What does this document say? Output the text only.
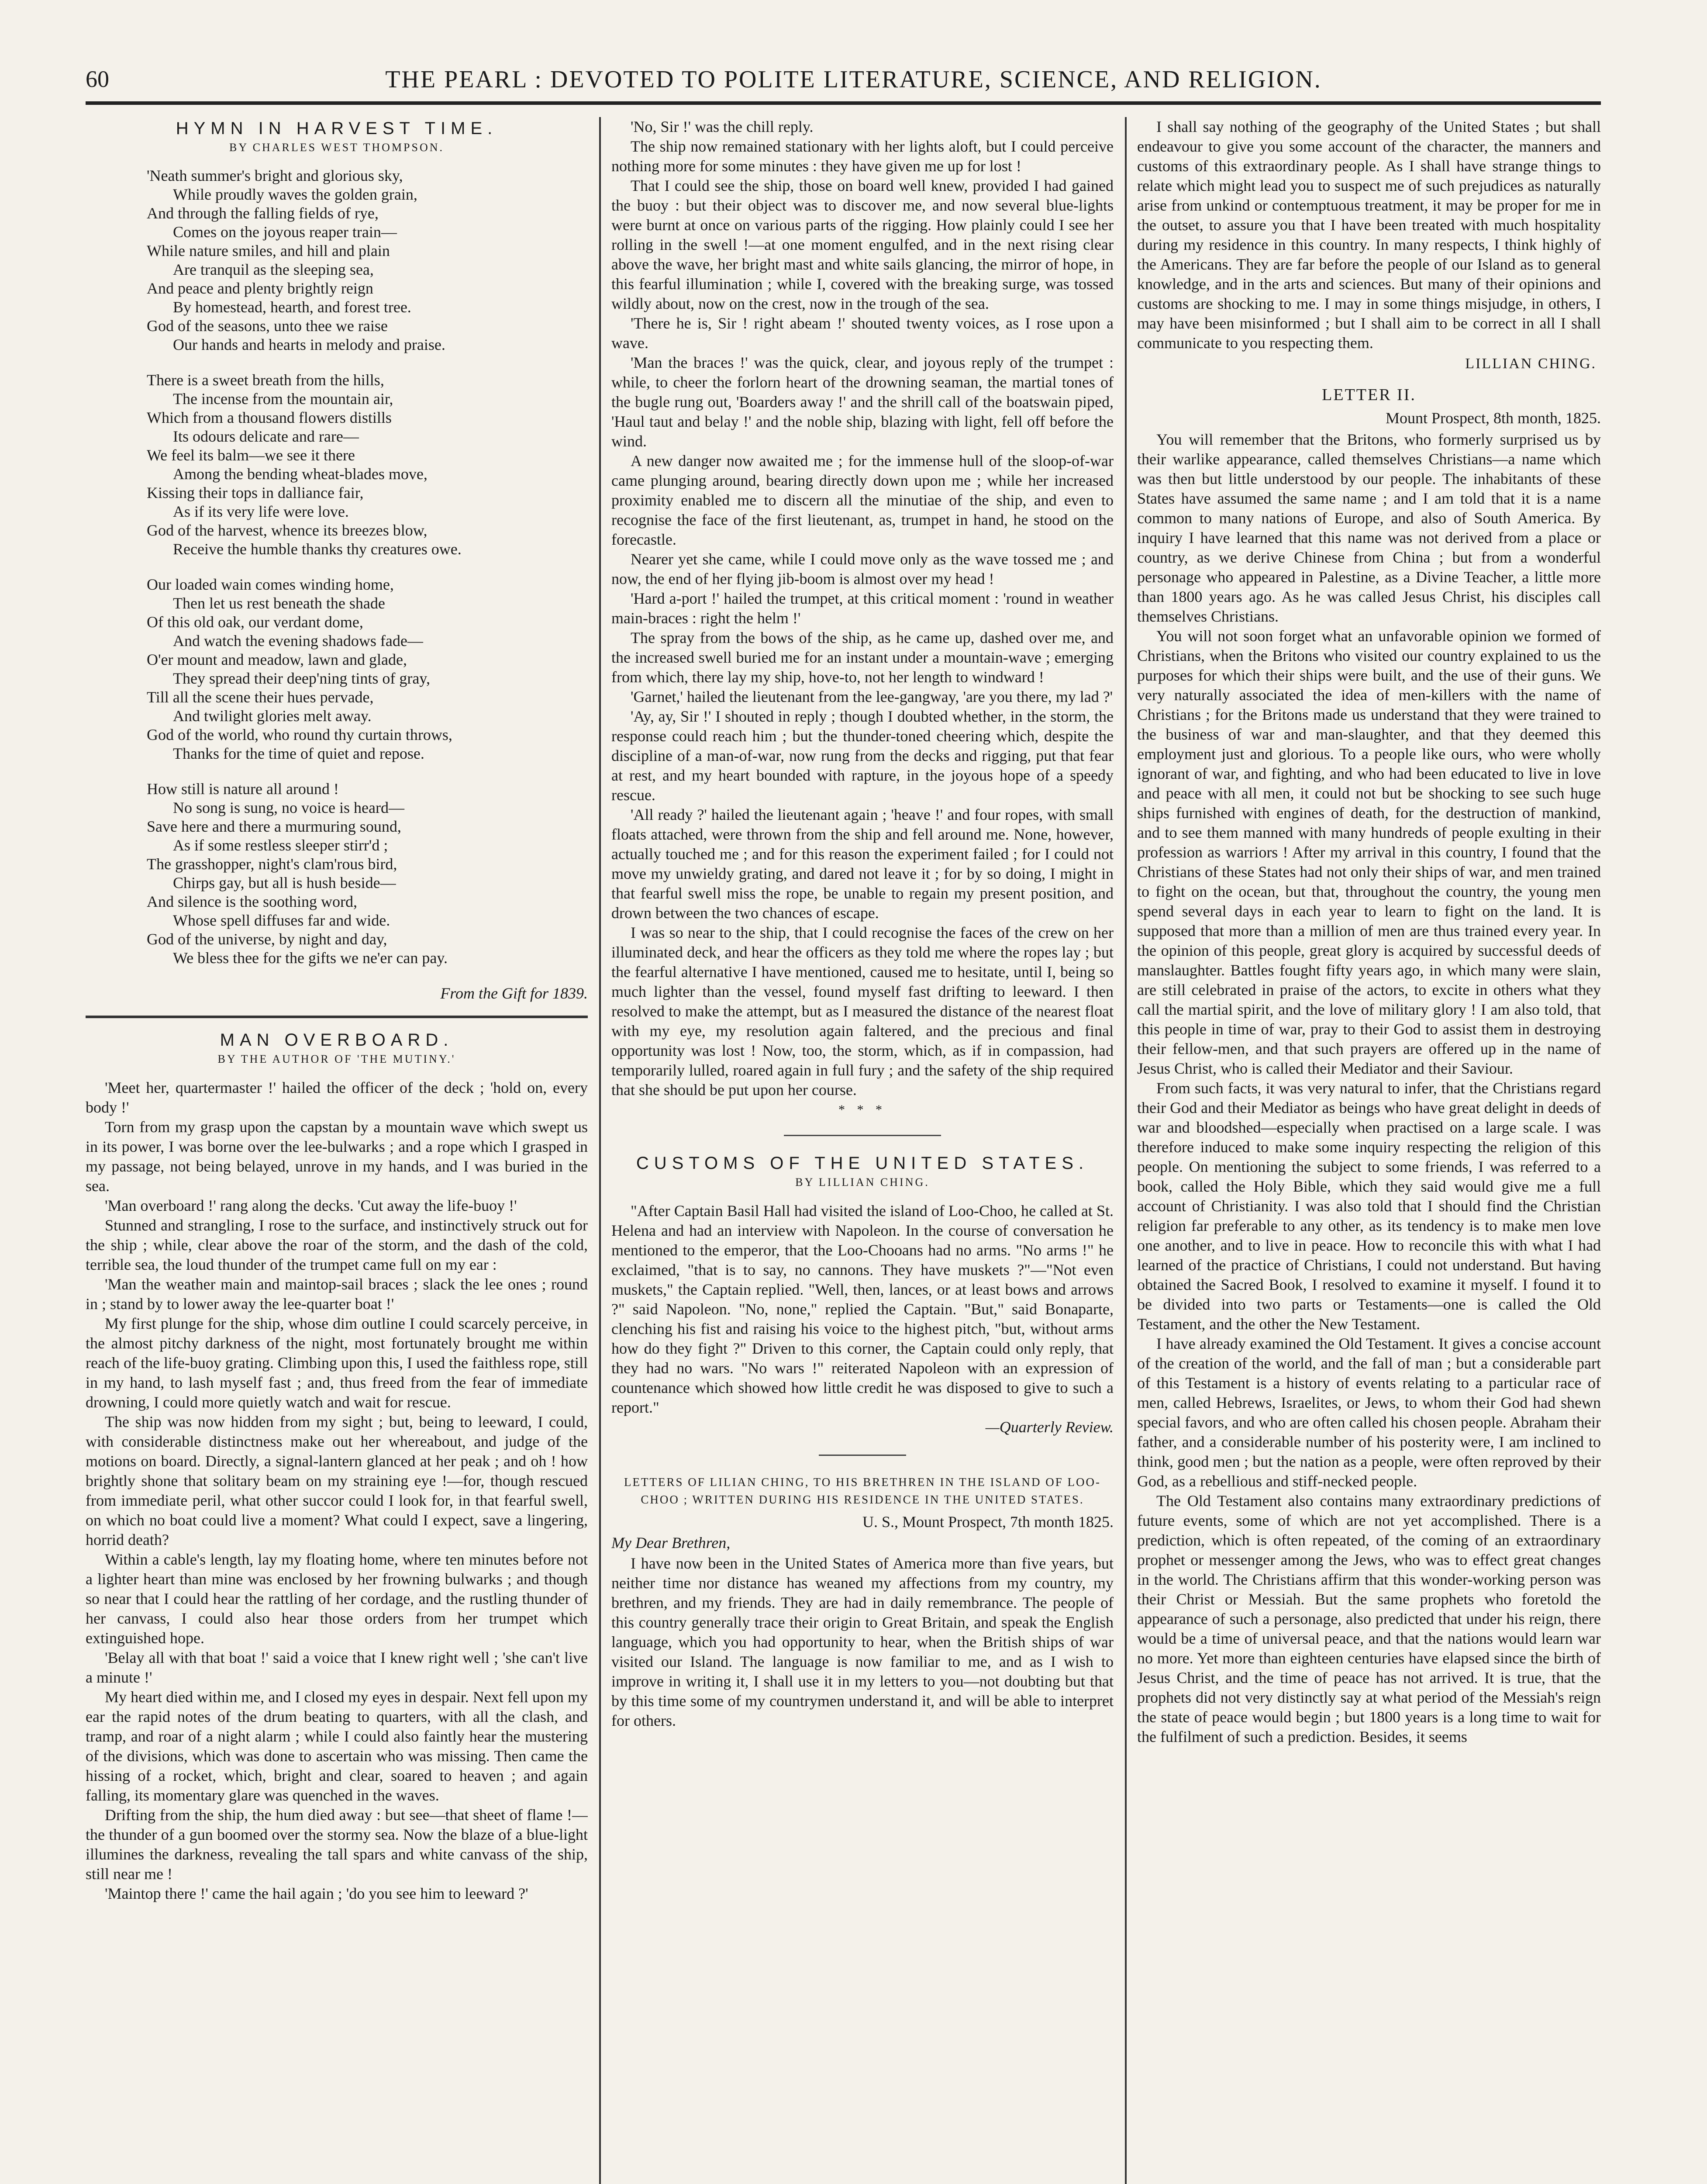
60	THE PEARL : DEVOTED TO POLITE LITERATURE, SCIENCE, AND RELIGION.
HYMN IN HARVEST TIME.
BY CHARLES WEST THOMPSON.

'Neath summer's bright and glorious sky,

While proudly waves the golden grain,

And through the falling fields of rye,

Comes on the joyous reaper train—

While nature smiles, and hill and plain

Are tranquil as the sleeping sea,

And peace and plenty brightly reign

By homestead, hearth, and forest tree.

God of the seasons, unto thee we raise

Our hands and hearts in melody and praise.

There is a sweet breath from the hills,

The incense from the mountain air,

Which from a thousand flowers distills

Its odours delicate and rare—

We feel its balm—we see it there

Among the bending wheat-blades move,

Kissing their tops in dalliance fair,

As if its very life were love.

God of the harvest, whence its breezes blow,

Receive the humble thanks thy creatures owe.

Our loaded wain comes winding home,

Then let us rest beneath the shade

Of this old oak, our verdant dome,

And watch the evening shadows fade—

O'er mount and meadow, lawn and glade,

They spread their deep'ning tints of gray,

Till all the scene their hues pervade,

And twilight glories melt away.

God of the world, who round thy curtain throws,

Thanks for the time of quiet and repose.

How still is nature all around !

No song is sung, no voice is heard—

Save here and there a murmuring sound,

As if some restless sleeper stirr'd ;

The grasshopper, night's clam'rous bird,

Chirps gay, but all is hush beside—

And silence is the soothing word,

Whose spell diffuses far and wide.

God of the universe, by night and day,

We bless thee for the gifts we ne'er can pay.

From the Gift for 1839.
MAN OVERBOARD.
BY THE AUTHOR OF 'THE MUTINY.'

'Meet her, quartermaster !' hailed the officer of the deck ; 'hold on, every body !'

Torn from my grasp upon the capstan by a mountain wave which swept us in its power, I was borne over the lee-bulwarks ; and a rope which I grasped in my passage, not being belayed, unrove in my hands, and I was buried in the sea.

'Man overboard !' rang along the decks. 'Cut away the life-buoy !'

Stunned and strangling, I rose to the surface, and instinctively struck out for the ship ; while, clear above the roar of the storm, and the dash of the cold, terrible sea, the loud thunder of the trumpet came full on my ear :

'Man the weather main and maintop-sail braces ; slack the lee ones ; round in ; stand by to lower away the lee-quarter boat !'

My first plunge for the ship, whose dim outline I could scarcely perceive, in the almost pitchy darkness of the night, most fortunately brought me within reach of the life-buoy grating. Climbing upon this, I used the faithless rope, still in my hand, to lash myself fast ; and, thus freed from the fear of immediate drowning, I could more quietly watch and wait for rescue.

The ship was now hidden from my sight ; but, being to leeward, I could, with considerable distinctness make out her whereabout, and judge of the motions on board. Directly, a signal-lantern glanced at her peak ; and oh ! how brightly shone that solitary beam on my straining eye !—for, though rescued from immediate peril, what other succor could I look for, in that fearful swell, on which no boat could live a moment? What could I expect, save a lingering, horrid death?

Within a cable's length, lay my floating home, where ten minutes before not a lighter heart than mine was enclosed by her frowning bulwarks ; and though so near that I could hear the rattling of her cordage, and the rustling thunder of her canvass, I could also hear those orders from her trumpet which extinguished hope.

'Belay all with that boat !' said a voice that I knew right well ; 'she can't live a minute !'

My heart died within me, and I closed my eyes in despair. Next fell upon my ear the rapid notes of the drum beating to quarters, with all the clash, and tramp, and roar of a night alarm ; while I could also faintly hear the mustering of the divisions, which was done to ascertain who was missing. Then came the hissing of a rocket, which, bright and clear, soared to heaven ; and again falling, its momentary glare was quenched in the waves.

Drifting from the ship, the hum died away : but see—that sheet of flame !—the thunder of a gun boomed over the stormy sea. Now the blaze of a blue-light illumines the darkness, revealing the tall spars and white canvass of the ship, still near me !

'Maintop there !' came the hail again ; 'do you see him to leeward ?'

'No, Sir !' was the chill reply.

The ship now remained stationary with her lights aloft, but I could perceive nothing more for some minutes : they have given me up for lost !

That I could see the ship, those on board well knew, provided I had gained the buoy : but their object was to discover me, and now several blue-lights were burnt at once on various parts of the rigging. How plainly could I see her rolling in the swell !—at one moment engulfed, and in the next rising clear above the wave, her bright mast and white sails glancing, the mirror of hope, in this fearful illumination ; while I, covered with the breaking surge, was tossed wildly about, now on the crest, now in the trough of the sea.

'There he is, Sir ! right abeam !' shouted twenty voices, as I rose upon a wave.

'Man the braces !' was the quick, clear, and joyous reply of the trumpet : while, to cheer the forlorn heart of the drowning seaman, the martial tones of the bugle rung out, 'Boarders away !' and the shrill call of the boatswain piped, 'Haul taut and belay !' and the noble ship, blazing with light, fell off before the wind.

A new danger now awaited me ; for the immense hull of the sloop-of-war came plunging around, bearing directly down upon me ; while her increased proximity enabled me to discern all the minutiae of the ship, and even to recognise the face of the first lieutenant, as, trumpet in hand, he stood on the forecastle.

Nearer yet she came, while I could move only as the wave tossed me ; and now, the end of her flying jib-boom is almost over my head !

'Hard a-port !' hailed the trumpet, at this critical moment : 'round in weather main-braces : right the helm !'

The spray from the bows of the ship, as he came up, dashed over me, and the increased swell buried me for an instant under a mountain-wave ; emerging from which, there lay my ship, hove-to, not her length to windward !

'Garnet,' hailed the lieutenant from the lee-gangway, 'are you there, my lad ?'

'Ay, ay, Sir !' I shouted in reply ; though I doubted whether, in the storm, the response could reach him ; but the thunder-toned cheering which, despite the discipline of a man-of-war, now rung from the decks and rigging, put that fear at rest, and my heart bounded with rapture, in the joyous hope of a speedy rescue.

'All ready ?' hailed the lieutenant again ; 'heave !' and four ropes, with small floats attached, were thrown from the ship and fell around me. None, however, actually touched me ; and for this reason the experiment failed ; for I could not move my unwieldy grating, and dared not leave it ; for by so doing, I might in that fearful swell miss the rope, be unable to regain my present position, and drown between the two chances of escape.

I was so near to the ship, that I could recognise the faces of the crew on her illuminated deck, and hear the officers as they told me where the ropes lay ; but the fearful alternative I have mentioned, caused me to hesitate, until I, being so much lighter than the vessel, found myself fast drifting to leeward. I then resolved to make the attempt, but as I measured the distance of the nearest float with my eye, my resolution again faltered, and the precious and final opportunity was lost ! Now, too, the storm, which, as if in compassion, had temporarily lulled, roared again in full fury ; and the safety of the ship required that she should be put upon her course.

* * *
CUSTOMS OF THE UNITED STATES.
BY LILLIAN CHING.

"After Captain Basil Hall had visited the island of Loo-Choo, he called at St. Helena and had an interview with Napoleon. In the course of conversation he mentioned to the emperor, that the Loo-Chooans had no arms. "No arms !" he exclaimed, "that is to say, no cannons. They have muskets ?"—"Not even muskets," the Captain replied. "Well, then, lances, or at least bows and arrows ?" said Napoleon. "No, none," replied the Captain. "But," said Bonaparte, clenching his fist and raising his voice to the highest pitch, "but, without arms how do they fight ?" Driven to this corner, the Captain could only reply, that they had no wars. "No wars !" reiterated Napoleon with an expression of countenance which showed how little credit he was disposed to give to such a report."

—Quarterly Review.

LETTERS OF LILIAN CHING, TO HIS BRETHREN IN THE ISLAND OF LOO-CHOO ; WRITTEN DURING HIS RESIDENCE IN THE UNITED STATES.
U. S., Mount Prospect, 7th month 1825.
My Dear Brethren,

I have now been in the United States of America more than five years, but neither time nor distance has weaned my affections from my country, my brethren, and my friends. They are had in daily remembrance. The people of this country generally trace their origin to Great Britain, and speak the English language, which you had opportunity to hear, when the British ships of war visited our Island. The language is now familiar to me, and as I wish to improve in writing it, I shall use it in my letters to you—not doubting but that by this time some of my countrymen understand it, and will be able to interpret for others.

I shall say nothing of the geography of the United States ; but shall endeavour to give you some account of the character, the manners and customs of this extraordinary people. As I shall have strange things to relate which might lead you to suspect me of such prejudices as naturally arise from unkind or contemptuous treatment, it may be proper for me in the outset, to assure you that I have been treated with much hospitality during my residence in this country. In many respects, I think highly of the Americans. They are far before the people of our Island as to general knowledge, and in the arts and sciences. But many of their opinions and customs are shocking to me. I may in some things misjudge, in others, I may have been misinformed ; but I shall aim to be correct in all I shall communicate to you respecting them.

LILLIAN CHING.
LETTER II.
Mount Prospect, 8th month, 1825.

You will remember that the Britons, who formerly surprised us by their warlike appearance, called themselves Christians—a name which was then but little understood by our people. The inhabitants of these States have assumed the same name ; and I am told that it is a name common to many nations of Europe, and also of South America. By inquiry I have learned that this name was not derived from a place or country, as we derive Chinese from China ; but from a wonderful personage who appeared in Palestine, as a Divine Teacher, a little more than 1800 years ago. As he was called Jesus Christ, his disciples call themselves Christians.

You will not soon forget what an unfavorable opinion we formed of Christians, when the Britons who visited our country explained to us the purposes for which their ships were built, and the use of their guns. We very naturally associated the idea of men-killers with the name of Christians ; for the Britons made us understand that they were trained to the business of war and man-slaughter, and that they deemed this employment just and glorious. To a people like ours, who were wholly ignorant of war, and fighting, and who had been educated to live in love and peace with all men, it could not but be shocking to see such huge ships furnished with engines of death, for the destruction of mankind, and to see them manned with many hundreds of people exulting in their profession as warriors ! After my arrival in this country, I found that the Christians of these States had not only their ships of war, and men trained to fight on the ocean, but that, throughout the country, the young men spend several days in each year to learn to fight on the land. It is supposed that more than a million of men are thus trained every year. In the opinion of this people, great glory is acquired by successful deeds of manslaughter. Battles fought fifty years ago, in which many were slain, are still celebrated in praise of the actors, to excite in others what they call the martial spirit, and the love of military glory ! I am also told, that this people in time of war, pray to their God to assist them in destroying their fellow-men, and that such prayers are offered up in the name of Jesus Christ, who is called their Mediator and their Saviour.

From such facts, it was very natural to infer, that the Christians regard their God and their Mediator as beings who have great delight in deeds of war and bloodshed—especially when practised on a large scale. I was therefore induced to make some inquiry respecting the religion of this people. On mentioning the subject to some friends, I was referred to a book, called the Holy Bible, which they said would give me a full account of Christianity. I was also told that I should find the Christian religion far preferable to any other, as its tendency is to make men love one another, and to live in peace. How to reconcile this with what I had learned of the practice of Christians, I could not understand. But having obtained the Sacred Book, I resolved to examine it myself. I found it to be divided into two parts or Testaments—one is called the Old Testament, and the other the New Testament.

I have already examined the Old Testament. It gives a concise account of the creation of the world, and the fall of man ; but a considerable part of this Testament is a history of events relating to a particular race of men, called Hebrews, Israelites, or Jews, to whom their God had shewn special favors, and who are often called his chosen people. Abraham their father, and a considerable number of his posterity were, I am inclined to think, good men ; but the nation as a people, were often reproved by their God, as a rebellious and stiff-necked people.

The Old Testament also contains many extraordinary predictions of future events, some of which are not yet accomplished. There is a prediction, which is often repeated, of the coming of an extraordinary prophet or messenger among the Jews, who was to effect great changes in the world. The Christians affirm that this wonder-working person was their Christ or Messiah. But the same prophets who foretold the appearance of such a personage, also predicted that under his reign, there would be a time of universal peace, and that the nations would learn war no more. Yet more than eighteen centuries have elapsed since the birth of Jesus Christ, and the time of peace has not arrived. It is true, that the prophets did not very distinctly say at what period of the Messiah's reign the state of peace would begin ; but 1800 years is a long time to wait for the fulfilment of such a prediction. Besides, it seems
